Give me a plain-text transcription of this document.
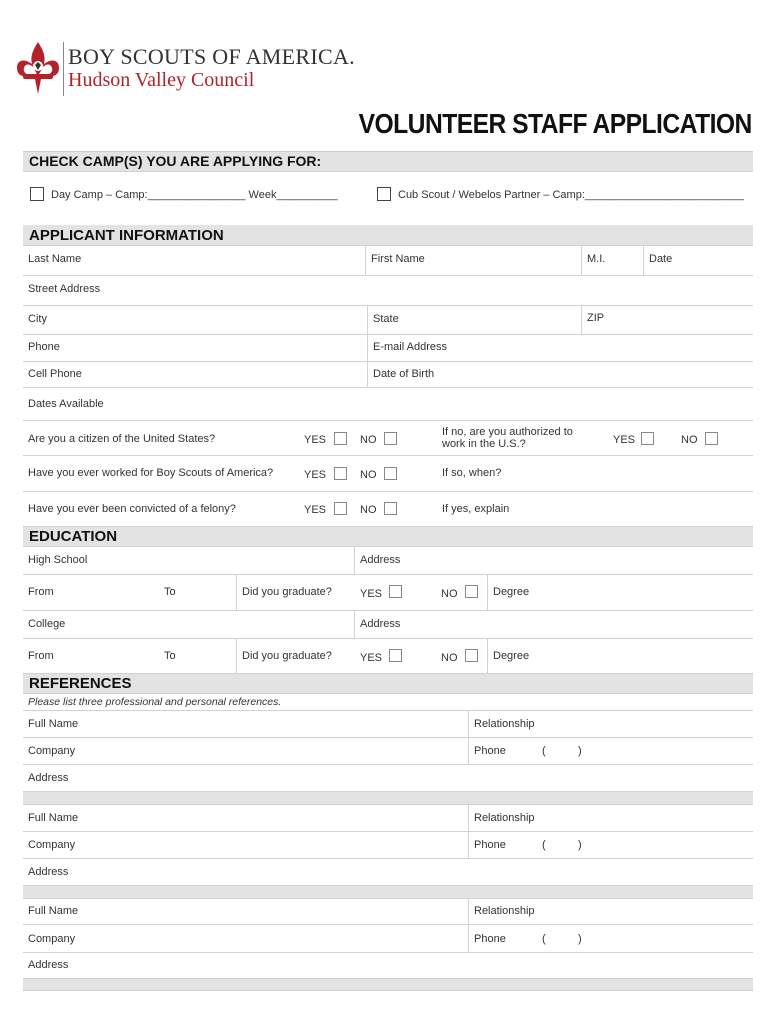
BOY SCOUTS OF AMERICA.
Hudson Valley Council
VOLUNTEER STAFF APPLICATION
CHECK CAMP(S) YOU ARE APPLYING FOR:
Day Camp – Camp:________________ Week__________	Cub Scout / Webelos Partner – Camp:__________________________
APPLICANT INFORMATION
Last Name	First Name	M.I.	Date
Street Address
City	State	ZIP
Phone	E-mail Address
Cell Phone	Date of Birth
Dates Available
Are you a citizen of the United States?	YES	NO
If no, are you authorized to work in the U.S.?	YES	NO
Have you ever worked for Boy Scouts of America?	YES	NO	If so, when?
Have you ever been convicted of a felony?	YES	NO	If yes, explain
EDUCATION
High School	Address
From	To	Did you graduate?	YES	NO	Degree
College	Address
From	To	Did you graduate?	YES	NO	Degree
REFERENCES
Please list three professional and personal references.
Full Name	Relationship
Company	Phone	(	)
Address
Full Name	Relationship
Company	Phone	(	)
Address
Full Name	Relationship
Company	Phone	(	)
Address
